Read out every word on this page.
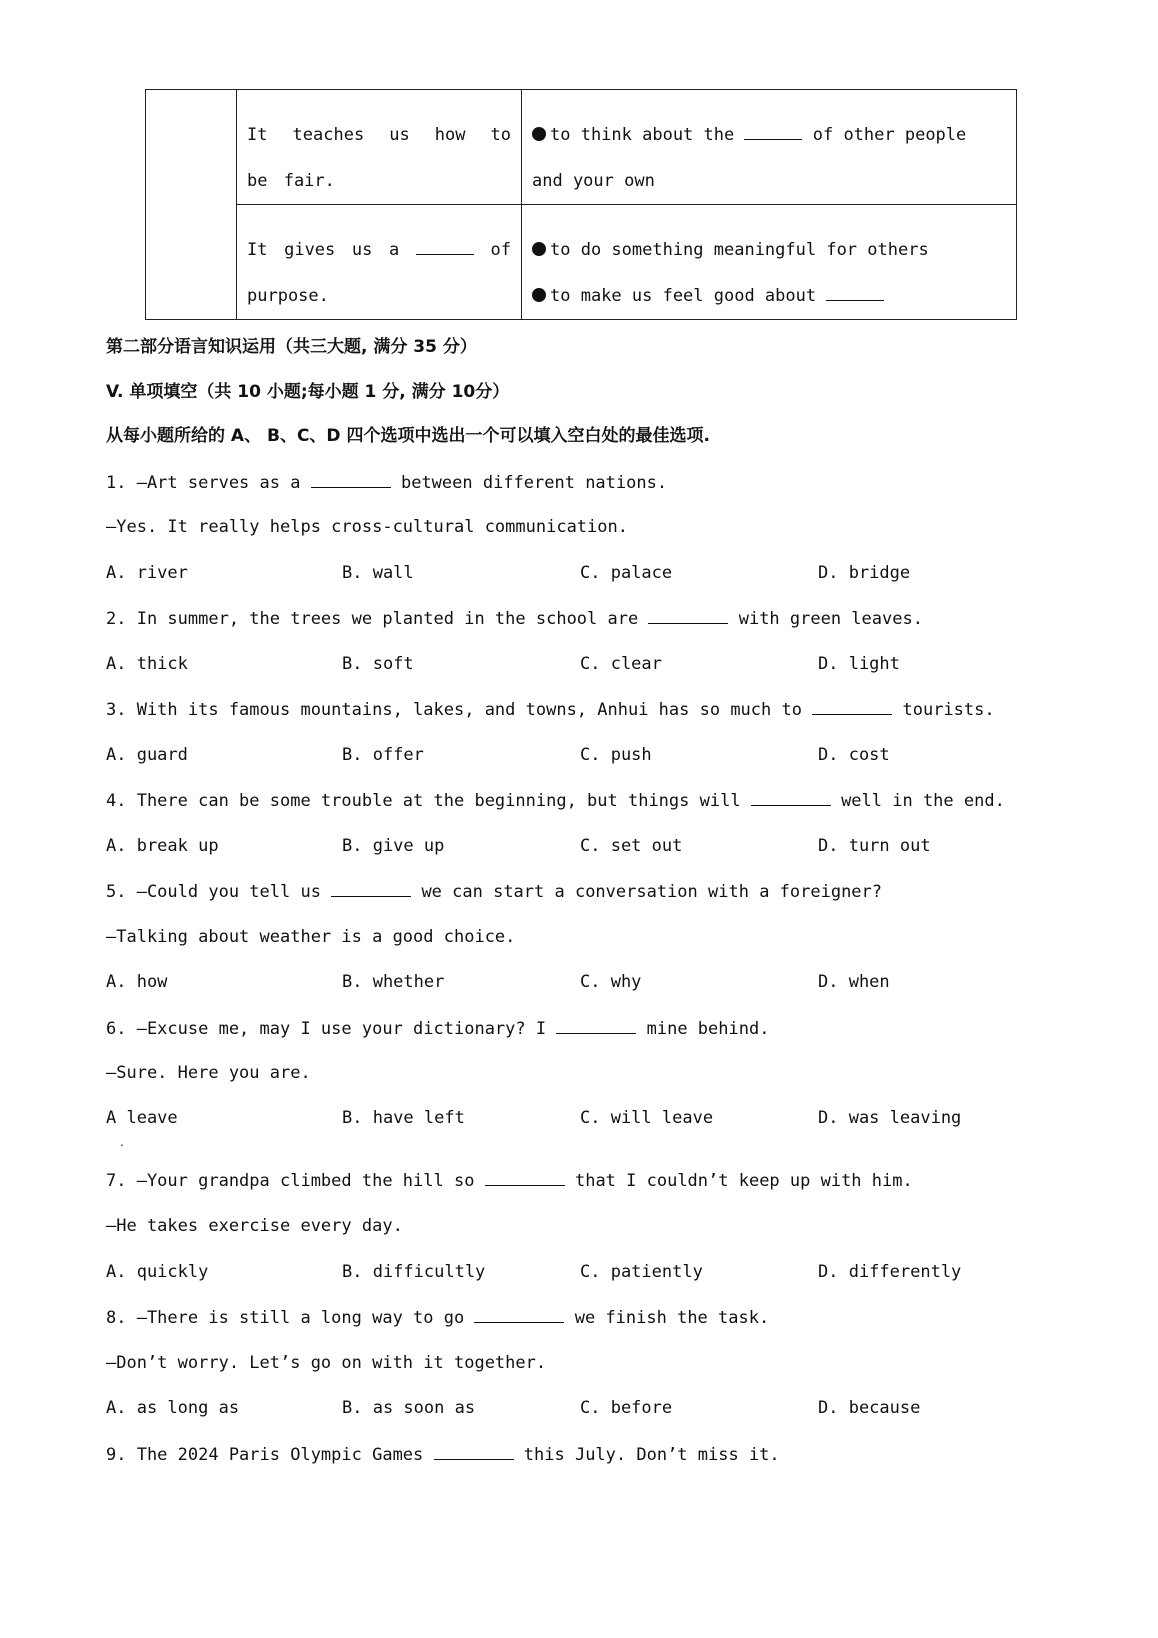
	It teaches us how to be fair.	to think about the of other people and your own

	It gives us a of purpose.	to do something meaningful for others
to make us feel good about
第二部分语言知识运用（共三大题, 满分 35 分）
V. 单项填空（共 10 小题;每小题 1 分, 满分 10分）
从每小题所给的 A、 B、C、D 四个选项中选出一个可以填入空白处的最佳选项.
1. —Art serves as a	between different nations.
—Yes. It really helps cross-cultural communication.
A. river	B. wall	C. palace	D. bridge
2. In summer, the trees we planted in the school are	with green leaves.
A. thick	B. soft	C. clear	D. light
3. With its famous mountains, lakes, and towns, Anhui has so much to	tourists.
A. guard	B. offer	C. push	D. cost
4. There can be some trouble at the beginning, but things will	well in the end.
A. break up	B. give up	C. set out	D. turn out
5. —Could you tell us	we can start a conversation with a foreigner?
—Talking about weather is a good choice.
A. how	B. whether	C. why	D. when
6. —Excuse me, may I use your dictionary? I	mine behind.
—Sure. Here you are.
A leave	B. have left	C. will leave	D. was leaving
.
7. —Your grandpa climbed the hill so	that I couldn’t keep up with him.
—He takes exercise every day.
A. quickly	B. difficultly	C. patiently	D. differently
8. —There is still a long way to go	we finish the task.
—Don’t worry. Let’s go on with it together.
A. as long as	B. as soon as	C. before	D. because
9. The 2024 Paris Olympic Games	this July. Don’t miss it.
